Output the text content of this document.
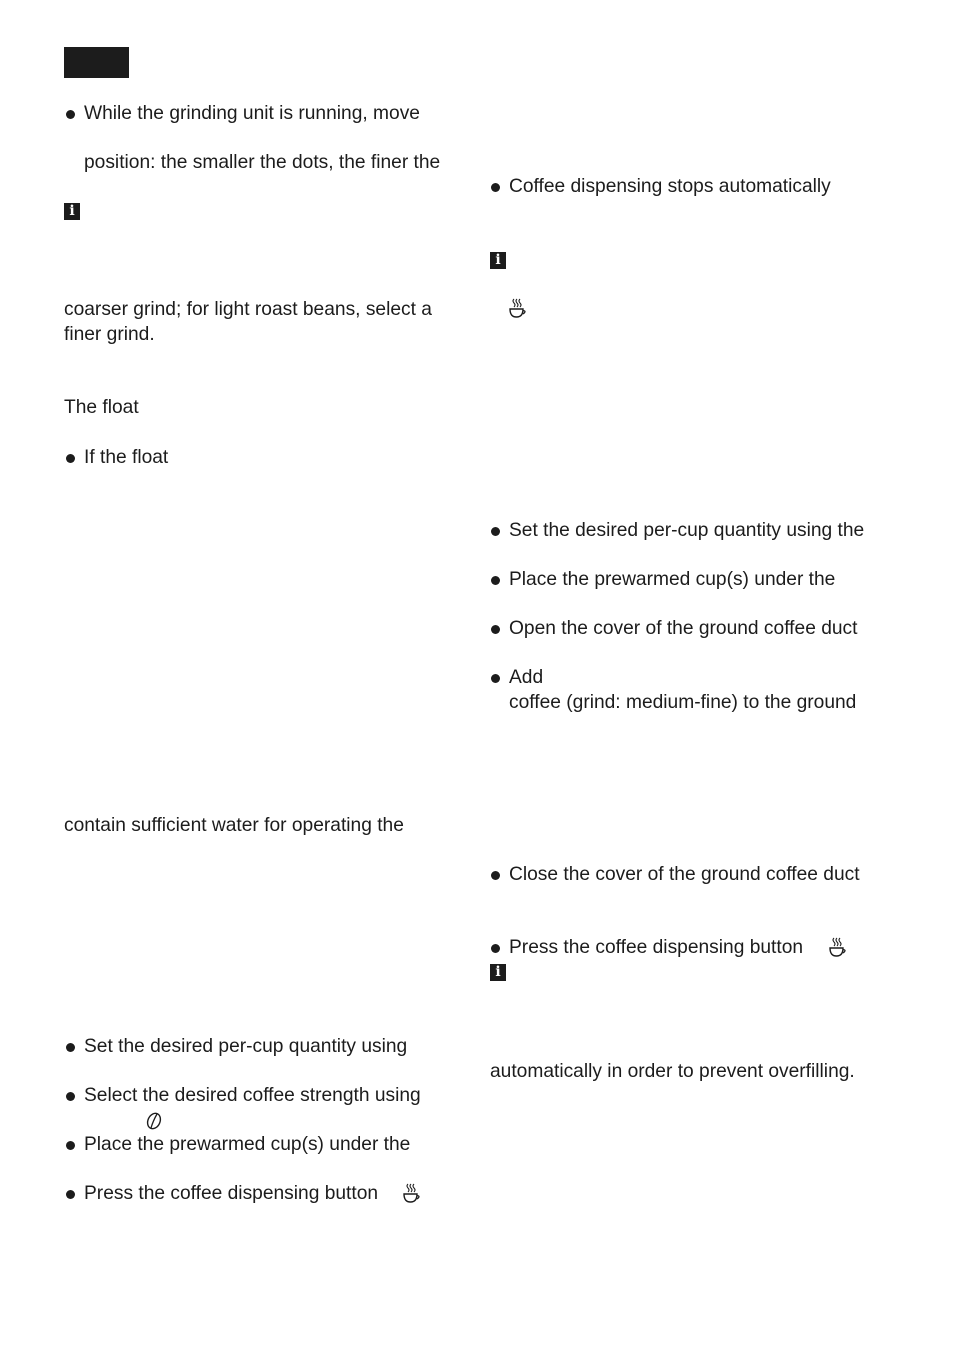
While the grinding unit is running, move
position: the smaller the dots, the finer the
i
coarser grind; for light roast beans, select a
finer grind.
The float
If the float
contain sufficient water for operating the
Set the desired per-cup quantity using
Select the desired coffee strength using
Place the prewarmed cup(s) under the
Press the coffee dispensing button
Coffee dispensing stops automatically
i
Set the desired per-cup quantity using the
Place the prewarmed cup(s) under the
Open the cover of the ground coffee duct
Add
coffee (grind: medium-fine) to the ground
Close the cover of the ground coffee duct
Press the coffee dispensing button
i
automatically in order to prevent overfilling.
